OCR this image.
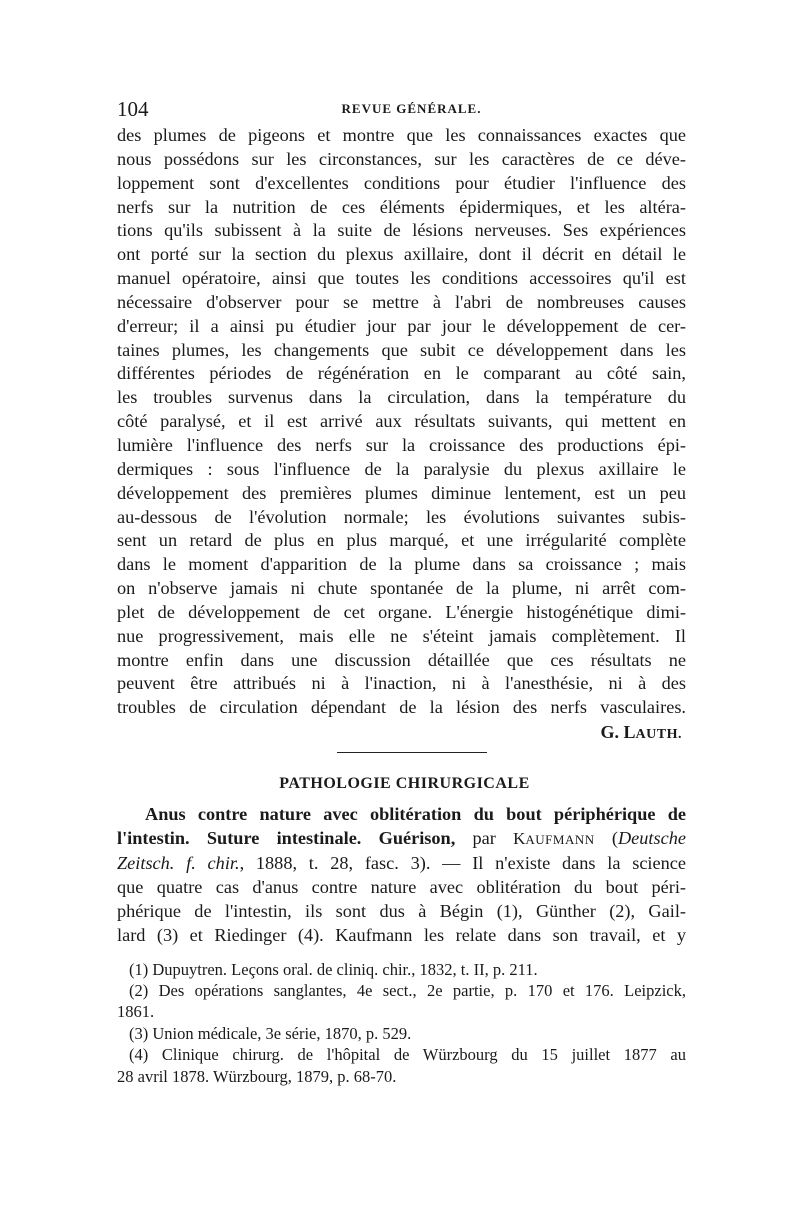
104	REVUE GÉNÉRALE.
des plumes de pigeons et montre que les connaissances exactes que
nous possédons sur les circonstances, sur les caractères de ce déve-
loppement sont d'excellentes conditions pour étudier l'influence des
nerfs sur la nutrition de ces éléments épidermiques, et les altéra-
tions qu'ils subissent à la suite de lésions nerveuses. Ses expériences
ont porté sur la section du plexus axillaire, dont il décrit en détail le
manuel opératoire, ainsi que toutes les conditions accessoires qu'il est
nécessaire d'observer pour se mettre à l'abri de nombreuses causes
d'erreur; il a ainsi pu étudier jour par jour le développement de cer-
taines plumes, les changements que subit ce développement dans les
différentes périodes de régénération en le comparant au côté sain,
les troubles survenus dans la circulation, dans la température du
côté paralysé, et il est arrivé aux résultats suivants, qui mettent en
lumière l'influence des nerfs sur la croissance des productions épi-
dermiques : sous l'influence de la paralysie du plexus axillaire le
développement des premières plumes diminue lentement, est un peu
au-dessous de l'évolution normale; les évolutions suivantes subis-
sent un retard de plus en plus marqué, et une irrégularité complète
dans le moment d'apparition de la plume dans sa croissance ; mais
on n'observe jamais ni chute spontanée de la plume, ni arrêt com-
plet de développement de cet organe. L'énergie histogénétique dimi-
nue progressivement, mais elle ne s'éteint jamais complètement. Il
montre enfin dans une discussion détaillée que ces résultats ne
peuvent être attribués ni à l'inaction, ni à l'anesthésie, ni à des
troubles de circulation dépendant de la lésion des nerfs vasculaires.
G. LAUTH.
PATHOLOGIE CHIRURGICALE
Anus contre nature avec oblitération du bout périphérique de
l'intestin. Suture intestinale. Guérison, par KAUFMANN (Deutsche
Zeitsch. f. chir., 1888, t. 28, fasc. 3). — Il n'existe dans la science
que quatre cas d'anus contre nature avec oblitération du bout péri-
phérique de l'intestin, ils sont dus à Bégin (1), Günther (2), Gail-
lard (3) et Riedinger (4). Kaufmann les relate dans son travail, et y
(1) Dupuytren. Leçons oral. de cliniq. chir., 1832, t. II, p. 211.
(2) Des opérations sanglantes, 4e sect., 2e partie, p. 170 et 176. Leipzick,
1861.
(3) Union médicale, 3e série, 1870, p. 529.
(4) Clinique chirurg. de l'hôpital de Würzbourg du 15 juillet 1877 au
28 avril 1878. Würzbourg, 1879, p. 68-70.
